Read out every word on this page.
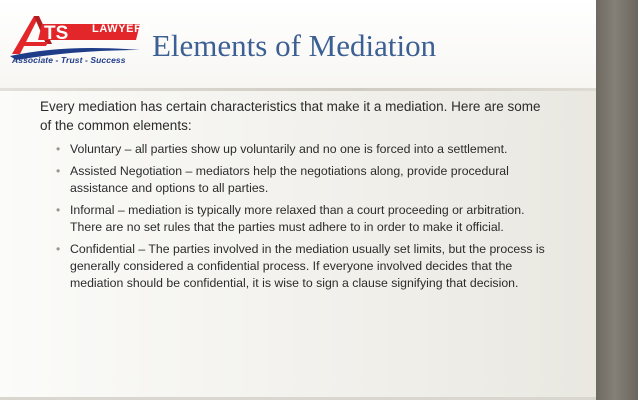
TS LAWYERS
Associate - Trust - Success Elements of Mediation

Every mediation has certain characteristics that make it a mediation. Here are some of the common elements:

• Voluntary – all parties show up voluntarily and no one is forced into a settlement.
• Assisted Negotiation – mediators help the negotiations along, provide procedural assistance and options to all parties.
• Informal – mediation is typically more relaxed than a court proceeding or arbitration. There are no set rules that the parties must adhere to in order to make it official.
• Confidential – The parties involved in the mediation usually set limits, but the process is generally considered a confidential process. If everyone involved decides that the mediation should be confidential, it is wise to sign a clause signifying that decision.
